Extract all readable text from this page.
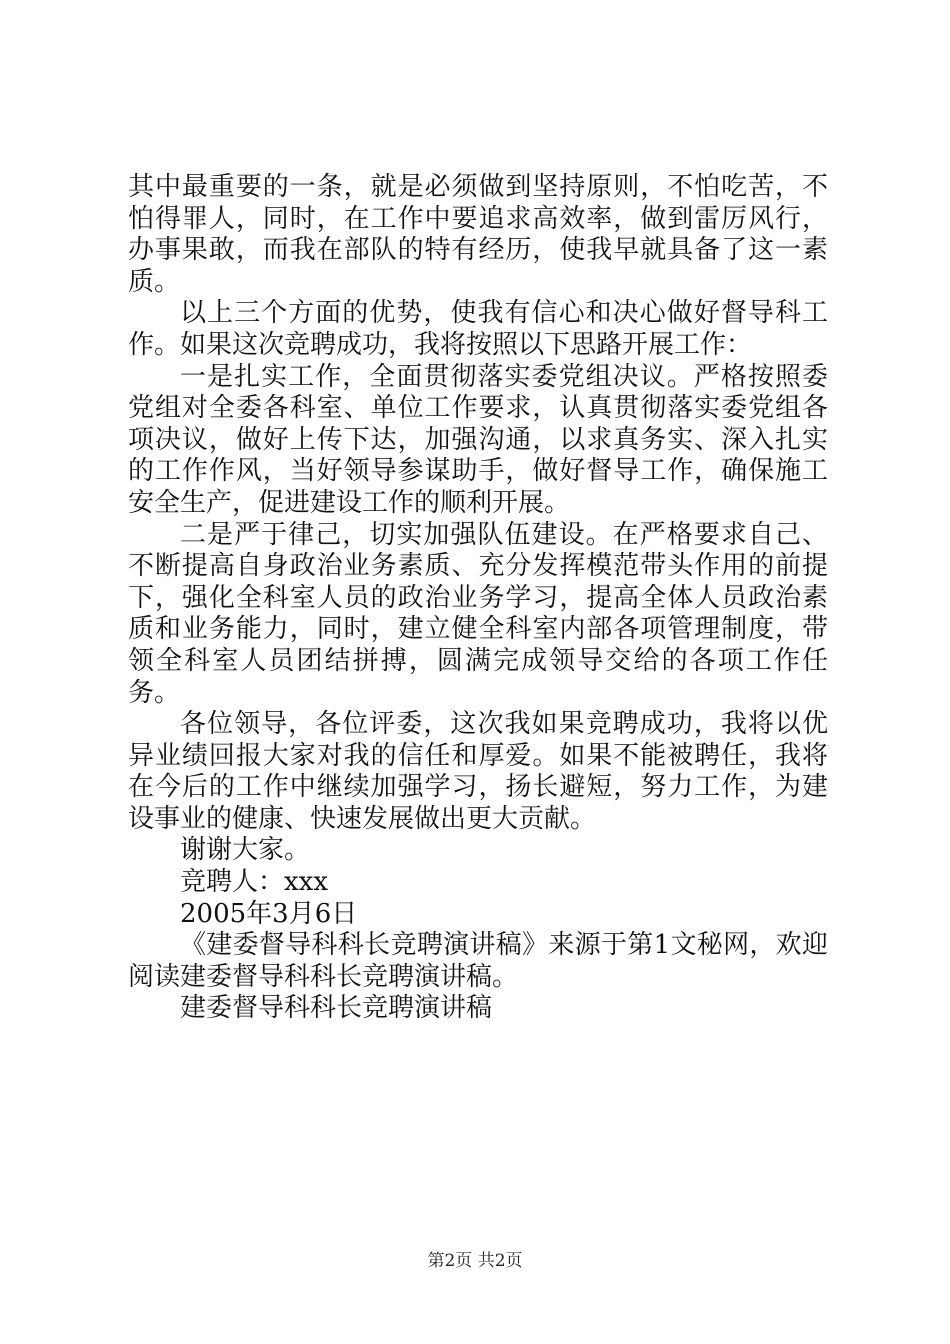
其中最重要的一条，就是必须做到坚持原则，不怕吃苦，不怕得罪人，同时，在工作中要追求高效率，做到雷厉风行，办事果敢，而我在部队的特有经历，使我早就具备了这一素质。

以上三个方面的优势，使我有信心和决心做好督导科工作。如果这次竞聘成功，我将按照以下思路开展工作：

一是扎实工作，全面贯彻落实委党组决议。严格按照委党组对全委各科室、单位工作要求，认真贯彻落实委党组各项决议，做好上传下达，加强沟通，以求真务实、深入扎实的工作作风，当好领导参谋助手，做好督导工作，确保施工安全生产，促进建设工作的顺利开展。

二是严于律己，切实加强队伍建设。在严格要求自己、不断提高自身政治业务素质、充分发挥模范带头作用的前提下，强化全科室人员的政治业务学习，提高全体人员政治素质和业务能力，同时，建立健全科室内部各项管理制度，带领全科室人员团结拼搏，圆满完成领导交给的各项工作任务。

各位领导，各位评委，这次我如果竞聘成功，我将以优异业绩回报大家对我的信任和厚爱。如果不能被聘任，我将在今后的工作中继续加强学习，扬长避短，努力工作，为建设事业的健康、快速发展做出更大贡献。

谢谢大家。

竞聘人：xxx

2005年3月6日

《建委督导科科长竞聘演讲稿》来源于第1文秘网，欢迎阅读建委督导科科长竞聘演讲稿。

建委督导科科长竞聘演讲稿

第2页 共2页
